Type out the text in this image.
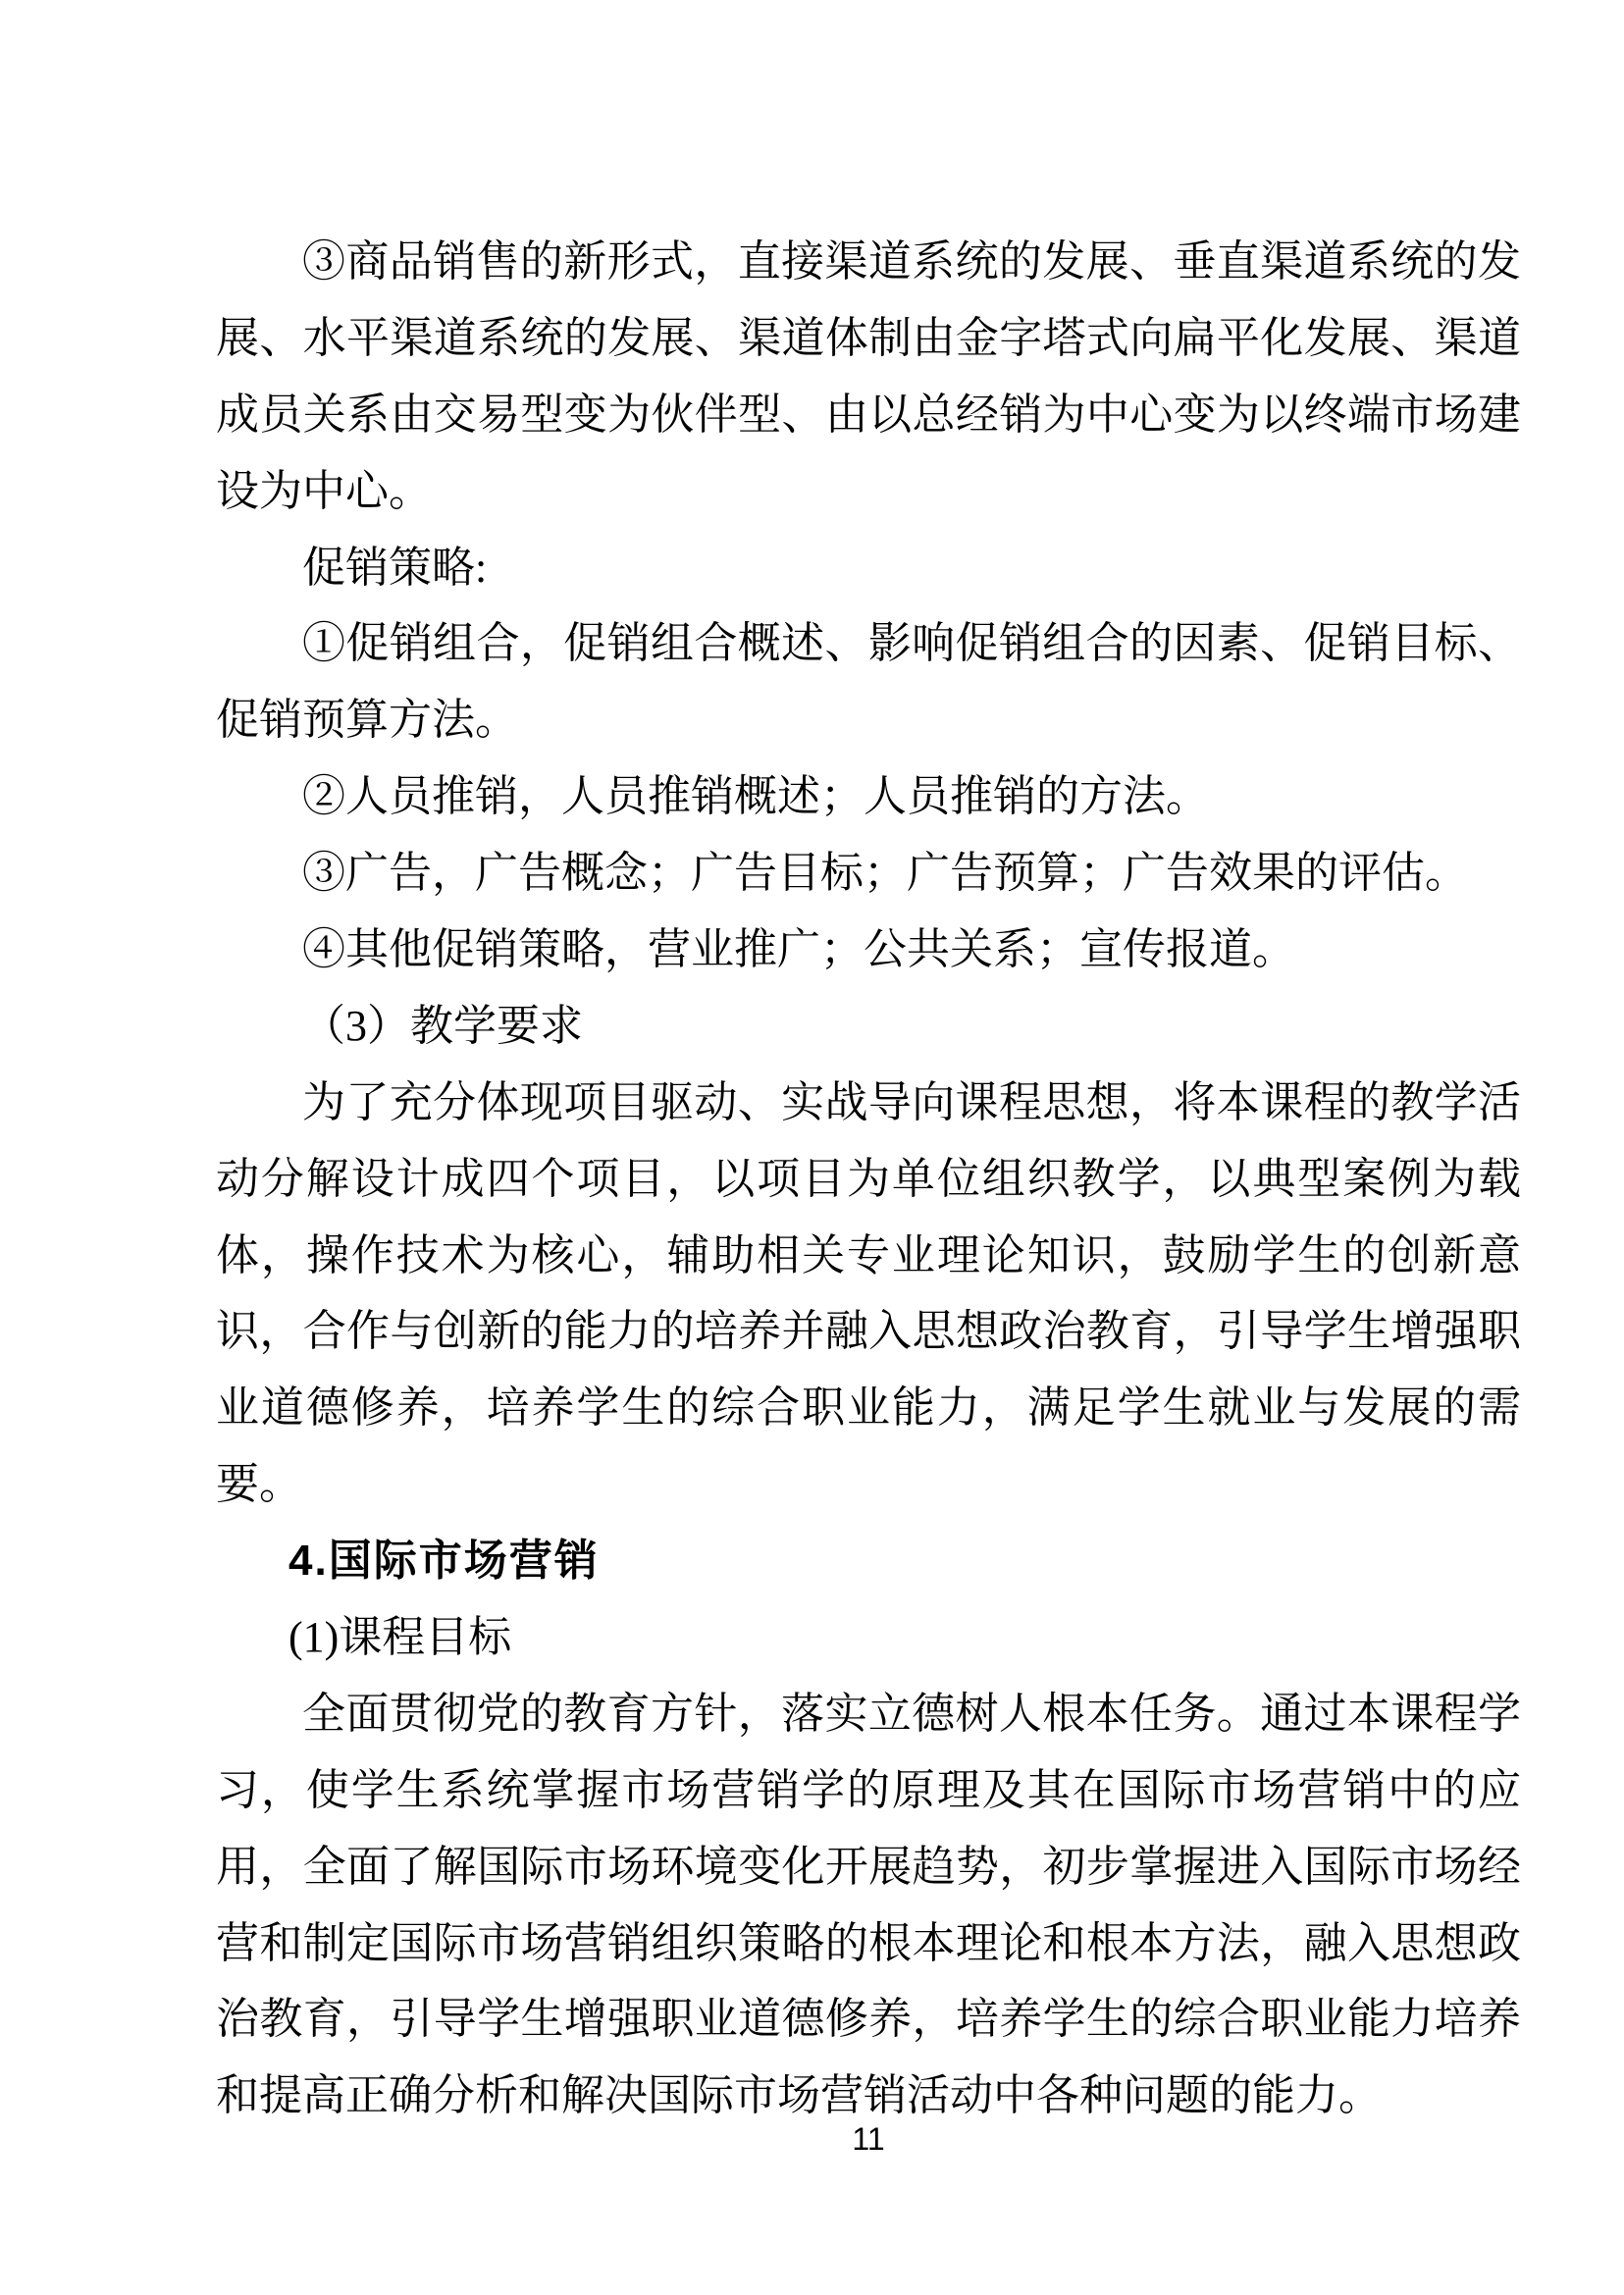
③商品销售的新形式，直接渠道系统的发展、垂直渠道系统的发
展、水平渠道系统的发展、渠道体制由金字塔式向扁平化发展、渠道
成员关系由交易型变为伙伴型、由以总经销为中心变为以终端市场建
设为中心。
促销策略:
①促销组合，促销组合概述、影响促销组合的因素、促销目标、
促销预算方法。
②人员推销，人员推销概述；人员推销的方法。
③广告，广告概念；广告目标；广告预算；广告效果的评估。
④其他促销策略，营业推广；公共关系；宣传报道。
（3）教学要求
为了充分体现项目驱动、实战导向课程思想，将本课程的教学活
动分解设计成四个项目，以项目为单位组织教学，以典型案例为载
体，操作技术为核心，辅助相关专业理论知识，鼓励学生的创新意
识，合作与创新的能力的培养并融入思想政治教育，引导学生增强职
业道德修养，培养学生的综合职业能力，满足学生就业与发展的需
要。
4.国际市场营销
(1)课程目标
全面贯彻党的教育方针，落实立德树人根本任务。通过本课程学
习，使学生系统掌握市场营销学的原理及其在国际市场营销中的应
用，全面了解国际市场环境变化开展趋势，初步掌握进入国际市场经
营和制定国际市场营销组织策略的根本理论和根本方法，融入思想政
治教育，引导学生增强职业道德修养，培养学生的综合职业能力培养
和提高正确分析和解决国际市场营销活动中各种问题的能力。
11
